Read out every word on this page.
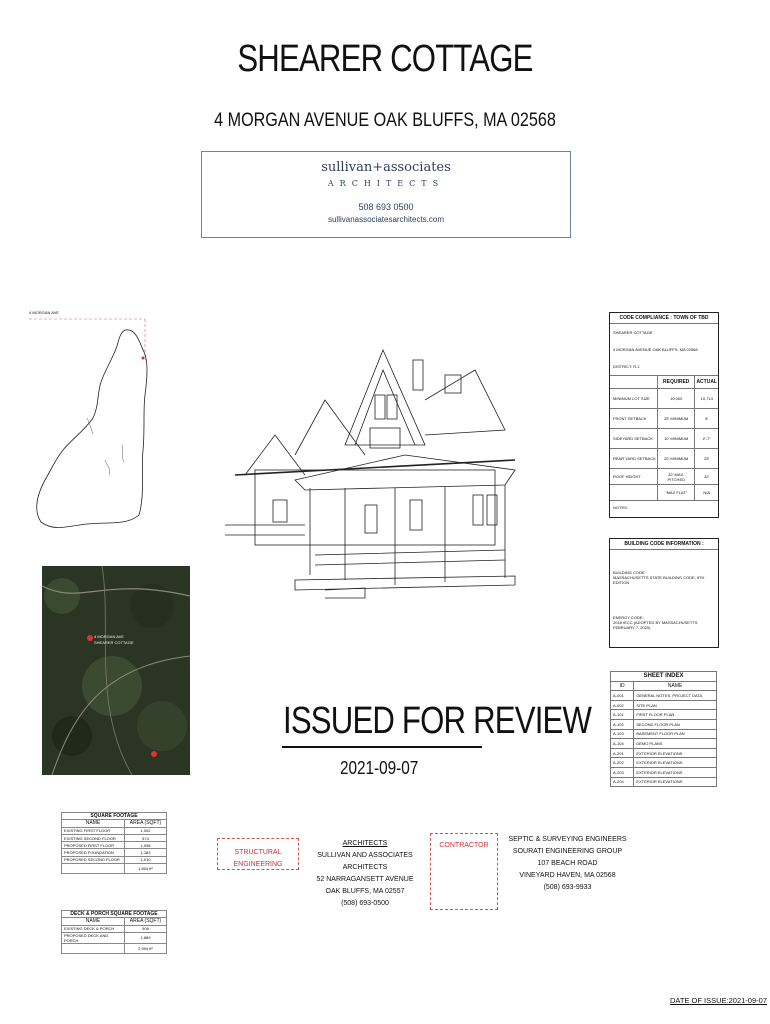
SHEARER COTTAGE
4 MORGAN AVENUE OAK BLUFFS, MA 02568
sullivan+associates
ARCHITECTS
508 693 0500
sullivanassociatesarchitects.com
4 MORGAN AVE
4 MORGAN AVE
SHEARER COTTAGE
CODE COMPLIANCE : TOWN OF TBD
SHEARER COTTAGE
4 MORGAN AVENUE OAK BLUFFS, MA 02568
DISTRICT: R-1
	REQUIRED	ACTUAL
MINIMUM LOT SIZE	10,000	10,714
FRONT SETBACK	25' MINIMUM	8'
SIDEYARD SETBACK	10' MINIMUM	2'-7"
REAR YARD SETBACK	20' MINIMUM	25'
ROOF HEIGHT	32' MAX. PITCHED	32'
	"MAX FLAT"	N/A
NOTES:
BUILDING CODE INFORMATION :
BUILDING CODE:
MASSACHUSETTS STATE BUILDING CODE, 9TH EDITION
ENERGY CODE:
2018 IECC (ADOPTED BY MASSACHUSETTS FEBRUARY 7, 2020)
SHEET INDEX	
ID	NAME
A-001	GENERAL NOTES, PROJECT DATA
A-002	SITE PLAN
A-101	FIRST FLOOR PLAN
A-102	SECOND FLOOR PLAN
A-103	BASEMENT FLOOR PLAN
A-104	DEMO PLANS
A-201	EXTERIOR ELEVATIONS
A-202	EXTERIOR ELEVATIONS
A-203	EXTERIOR ELEVATIONS
A-204	EXTERIOR ELEVATIONS
ISSUED FOR REVIEW
2021-09-07
SQUARE FOOTAGE	
NAME	AREA (SQFT)
EXISTING FIRST FLOOR	1,002
EXISTING SECOND FLOOR	574
PROPOSED FIRST FLOOR	1,098
PROPOSED FOUNDATION	1,183
PROPOSED SECOND FLOOR	1,010
	1,804 ft²
DECK & PORCH SQUARE FOOTAGE	
NAME	AREA (SQFT)
EXISTING DECK & PORCH	906
PROPOSED DECK AND PORCH	1,889
	2,994 ft²
STRUCTURAL ENGINEERING
ARCHITECTS
SULLIVAN AND ASSOCIATES ARCHITECTS
52 NARRAGANSETT AVENUE
OAK BLUFFS, MA 02557
(508) 693-0500
CONTRACTOR
SEPTIC & SURVEYING ENGINEERS
SOURATI ENGINEERING GROUP
107 BEACH ROAD
VINEYARD HAVEN, MA 02568
(508) 693-9933
DATE OF ISSUE:2021-09-07
